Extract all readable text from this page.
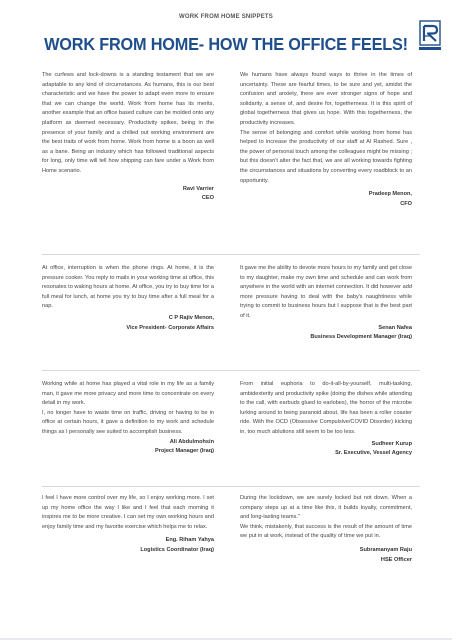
WORK FROM HOME SNIPPETS
WORK FROM HOME- HOW THE OFFICE FEELS!

The curfews and lock-downs is a standing testament that we are adaptable to any kind of circumstances. As humans, this is our best characteristic and we have the power to adapt even more to ensure that we can change the world. Work from home has its merits, another example that an office based culture can be molded onto any platform as deemed necessary. Productivity spikes, being in the presence of your family and a chilled out working environment are the best traits of work from home. Work from home is a boon as well as a bane. Being an industry which has followed traditional aspects for long, only time will tell how shipping can fare under a Work from Home scenario.

Ravi Varrier
CEO

We humans have always found ways to thrive in the times of uncertainty. These are fearful times, to be sure and yet, amidst the confusion and anxiety, there are ever stronger signs of hope and solidarity, a sense of, and desire for, togetherness. It is this spirit of global togetherness that gives us hope. With this togetherness, the productivity increases.

The sense of belonging and comfort while working from home has helped to increase the productivity of our staff at Al Rashed. Sure , the power of personal touch among the colleagues might be missing ; but this doesn't alter the fact that, we are all working towards fighting the circumstances and situations by converting every roadblock to an opportunity.

Pradeep Menon,
CFO

At office, interruption is when the phone rings. At home, it is the pressure cooker. You reply to mails in your working time at office, this resonates to waking hours at home. At office, you try to buy time for a full meal for lunch, at home you try to buy time after a full meal for a nap.

C P Rajiv Menon,
Vice President- Corporate Affairs

It gave me the ability to devote more hours to my family and get close to my daughter, make my own time and schedule and can work from anywhere in the world with an internet connection. It did however add more pressure having to deal with the baby's naughtiness while trying to commit to business hours but I suppose that is the best part of it.

Senan Nafea
Business Development Manager (Iraq)

Working while at home has played a vital role in my life as a family man, it gave me more privacy and more time to concentrate on every detail in my work.

I, no longer have to waste time on traffic, driving or having to be in office at certain hours, it gave a definition to my work and schedule things as I personally see suited to accomplish business.

Ali Abdulmohsin
Project Manager (Iraq)

From initial euphoria to do-it-all-by-yourself, multi-tasking, ambidexterity and productivity spike (doing the dishes while attending to the call, with earbuds glued to earlobes), the horror of the microbe lurking around to being paranoid about, life has been a roller coaster ride. With the OCD (Obsessive Compulsive/COVID Disorder) kicking in, too much ablutions still seem to be too less.

Sudheer Kurup
Sr. Executive, Vessel Agency

I feel I have more control over my life, so I enjoy working more. I set up my home office the way I like and I feel that each morning it inspires me to be more creative. I can set my own working hours and enjoy family time and my favorite exercise which helps me to relax.

Eng. Riham Yahya
Logistics Coordinator (Iraq)

During the lockdown, we are surely locked but not down. When a company steps up at a time like this, it builds loyalty, commitment, and long-lasting teams."

We think, mistakenly, that success is the result of the amount of time we put in at work, instead of the quality of time we put in.

Subramanyam Raju
HSE Officer
